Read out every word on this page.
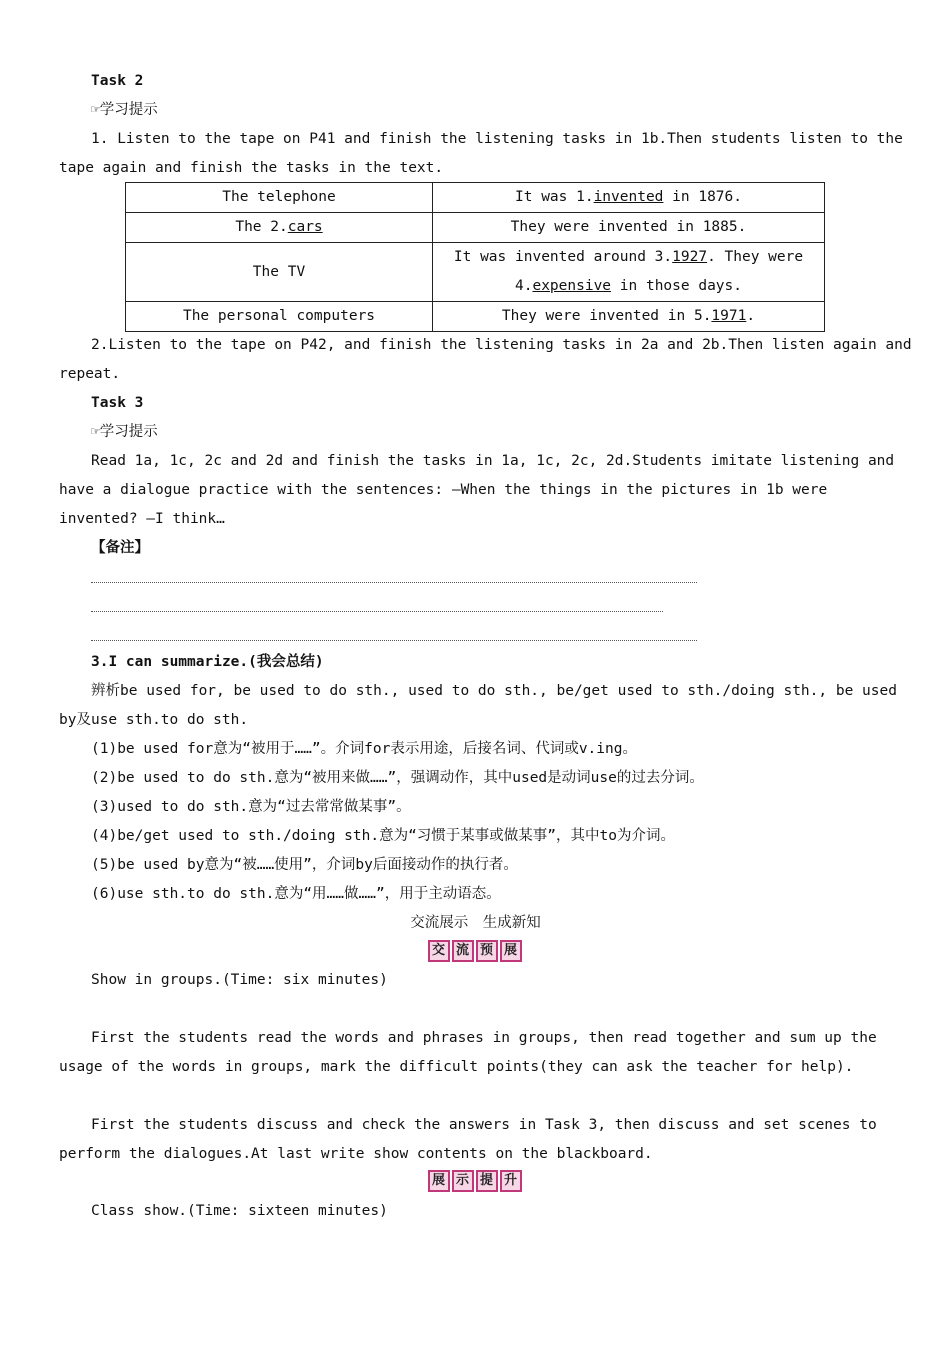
Task 2
☞学习提示
1. Listen to the tape on P41 and finish the listening tasks in 1b.Then students listen to the
tape again and finish the tasks in the text.
The telephone	It was 1.invented in 1876.
The 2.cars	They were invented in 1885.
The TV	It was invented around 3.1927. They were
4.expensive in those days.

The personal computers	They were invented in 5.1971.
2.Listen to the tape on P42, and finish the listening tasks in 2a and 2b.Then listen again and
repeat.
Task 3
☞学习提示
Read 1a, 1c, 2c and 2d and finish the tasks in 1a, 1c, 2c, 2d.Students imitate listening and
have a dialogue practice with the sentences: —When the things in the pictures in 1b were
invented? —I think…
【备注】
3.I can summarize.(我会总结)
辨析be used for, be used to do sth., used to do sth., be/get used to sth./doing sth., be used
by及use sth.to do sth.
(1)be used for意为“被用于……”。介词for表示用途，后接名词、代词或v.ing。
(2)be used to do sth.意为“被用来做……”，强调动作，其中used是动词use的过去分词。
(3)used to do sth.意为“过去常常做某事”。
(4)be/get used to sth./doing sth.意为“习惯于某事或做某事”，其中to为介词。
(5)be used by意为“被……使用”，介词by后面接动作的执行者。
(6)use sth.to do sth.意为“用……做……”，用于主动语态。
交流展示　生成新知
交 流 预 展
Show in groups.(Time: six minutes)
First the students read the words and phrases in groups, then read together and sum up the
usage of the words in groups, mark the difficult points(they can ask the teacher for help).
First the students discuss and check the answers in Task 3, then discuss and set scenes to
perform the dialogues.At last write show contents on the blackboard.
展 示 提 升
Class show.(Time: sixteen minutes)
